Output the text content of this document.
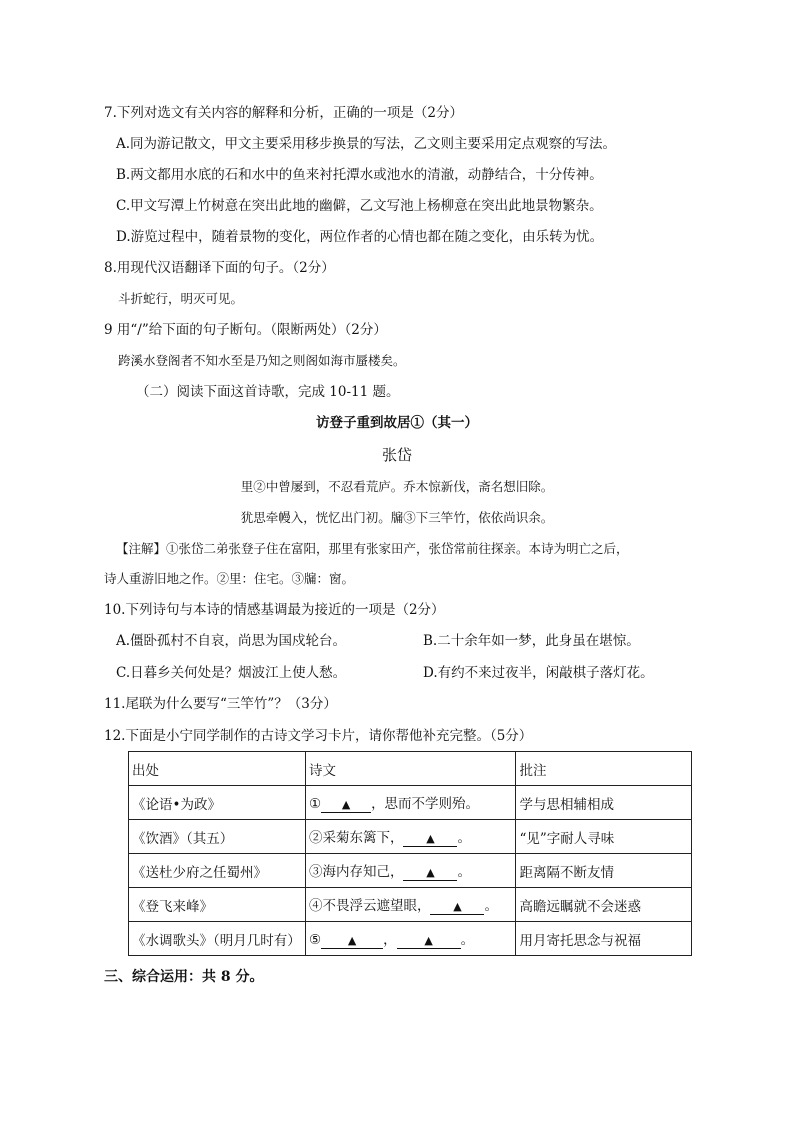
7.下列对选文有关内容的解释和分析，正确的一项是（2分）
A.同为游记散文，甲文主要采用移步换景的写法，乙文则主要采用定点观察的写法。
B.两文都用水底的石和水中的鱼来衬托潭水或池水的清澈，动静结合，十分传神。
C.甲文写潭上竹树意在突出此地的幽僻，乙文写池上杨柳意在突出此地景物繁杂。
D.游览过程中，随着景物的变化，两位作者的心情也都在随之变化，由乐转为忧。
8.用现代汉语翻译下面的句子。（2分）
斗折蛇行，明灭可见。
9 用“/”给下面的句子断句。（限断两处）（2分）
跨溪水登阁者不知水至是乃知之则阁如海市蜃楼矣。
（二）阅读下面这首诗歌，完成 10-11 题。
访登子重到故居①（其一）
张岱
里②中曾屡到，不忍看荒庐。乔木惊新伐，斋名想旧除。
犹思牵幔入，恍忆出门初。牖③下三竿竹，依依尚识余。
【注解】①张岱二弟张登子住在富阳，那里有张家田产，张岱常前往探亲。本诗为明亡之后，
诗人重游旧地之作。②里：住宅。③牖：窗。
10.下列诗句与本诗的情感基调最为接近的一项是（2分）
A.僵卧孤村不自哀，尚思为国戍轮台。	B.二十余年如一梦，此身虽在堪惊。
C.日暮乡关何处是？烟波江上使人愁。	D.有约不来过夜半，闲敲棋子落灯花。
11.尾联为什么要写“三竿竹”？（3分）
12.下面是小宁同学制作的古诗文学习卡片，请你帮他补充完整。（5分）
出处	诗文	批注
《论语•为政》	① ▲ ，思而不学则殆。	学与思相辅相成
《饮酒》（其五）	②采菊东篱下， ▲ 。	“见”字耐人寻味
《送杜少府之任蜀州》	③海内存知己， ▲ 。	距离隔不断友情
《登飞来峰》	④不畏浮云遮望眼， ▲ 。	高瞻远瞩就不会迷惑
《水调歌头》（明月几时有）	⑤ ▲ ， ▲ 。	用月寄托思念与祝福
三、综合运用：共 8 分。
